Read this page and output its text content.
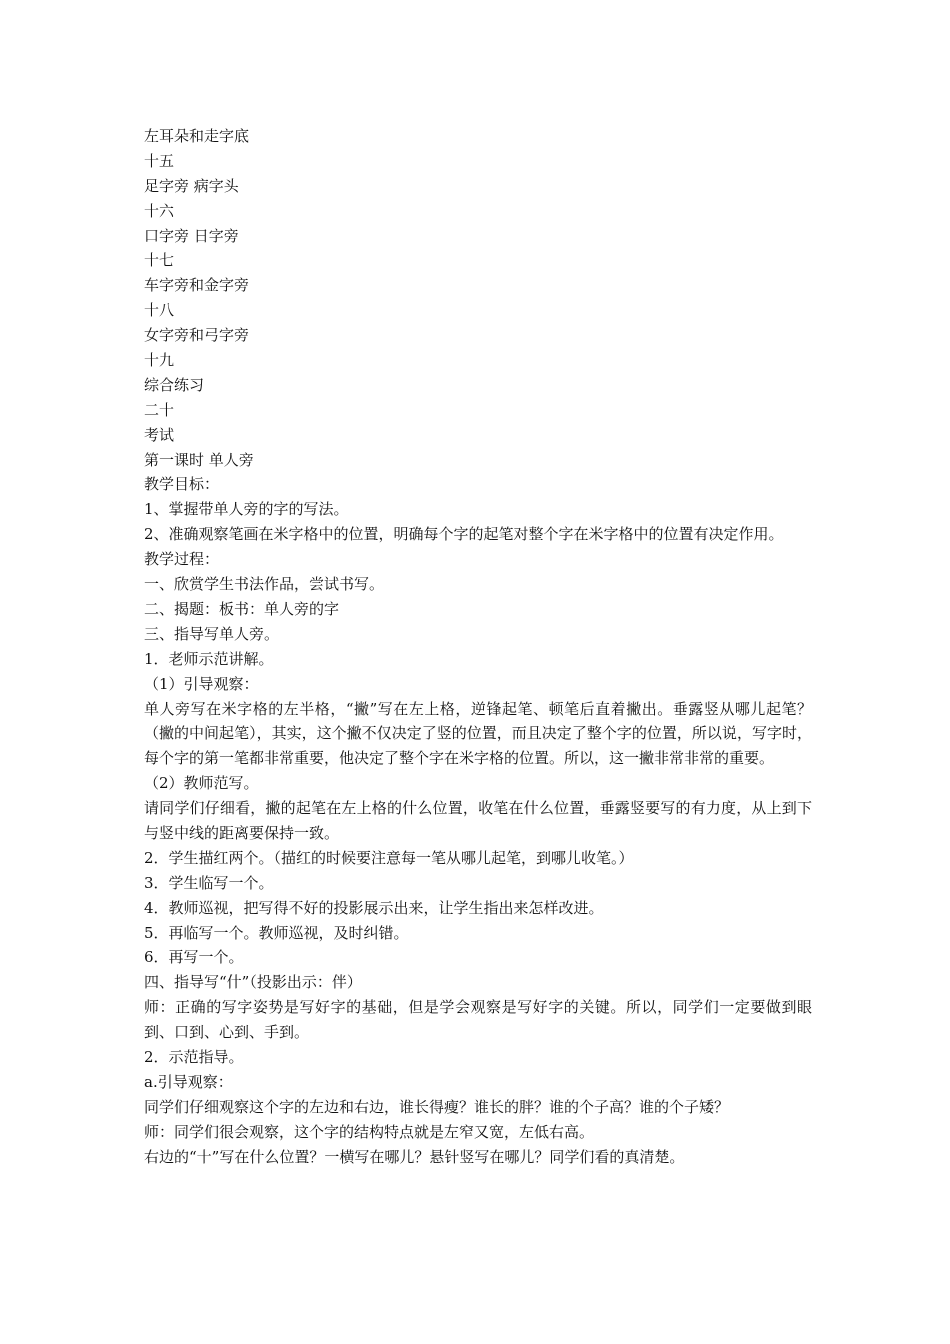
左耳朵和走字底
十五
足字旁 病字头
十六
口字旁 日字旁
十七
车字旁和金字旁
十八
女字旁和弓字旁
十九
综合练习
二十
考试
第一课时 单人旁
教学目标：
1、掌握带单人旁的字的写法。
2、准确观察笔画在米字格中的位置，明确每个字的起笔对整个字在米字格中的位置有决定作用。
教学过程：
一、欣赏学生书法作品，尝试书写。
二、揭题：板书：单人旁的字
三、指导写单人旁。
1．老师示范讲解。
（1）引导观察：
单人旁写在米字格的左半格，“撇”写在左上格，逆锋起笔、顿笔后直着撇出。垂露竖从哪儿起笔？（撇的中间起笔），其实，这个撇不仅决定了竖的位置，而且决定了整个字的位置，所以说，写字时，每个字的第一笔都非常重要，他决定了整个字在米字格的位置。所以，这一撇非常非常的重要。
（2）教师范写。
请同学们仔细看，撇的起笔在左上格的什么位置，收笔在什么位置，垂露竖要写的有力度，从上到下与竖中线的距离要保持一致。
2．学生描红两个。（描红的时候要注意每一笔从哪儿起笔，到哪儿收笔。）
3．学生临写一个。
4．教师巡视，把写得不好的投影展示出来，让学生指出来怎样改进。
5．再临写一个。教师巡视，及时纠错。
6．再写一个。
四、指导写“什”（投影出示：伴）
师：正确的写字姿势是写好字的基础，但是学会观察是写好字的关键。所以，同学们一定要做到眼到、口到、心到、手到。
2．示范指导。
a.引导观察：
同学们仔细观察这个字的左边和右边，谁长得瘦？谁长的胖？谁的个子高？谁的个子矮？
师：同学们很会观察，这个字的结构特点就是左窄又宽，左低右高。
右边的“十”写在什么位置？一横写在哪儿？悬针竖写在哪儿？同学们看的真清楚。
